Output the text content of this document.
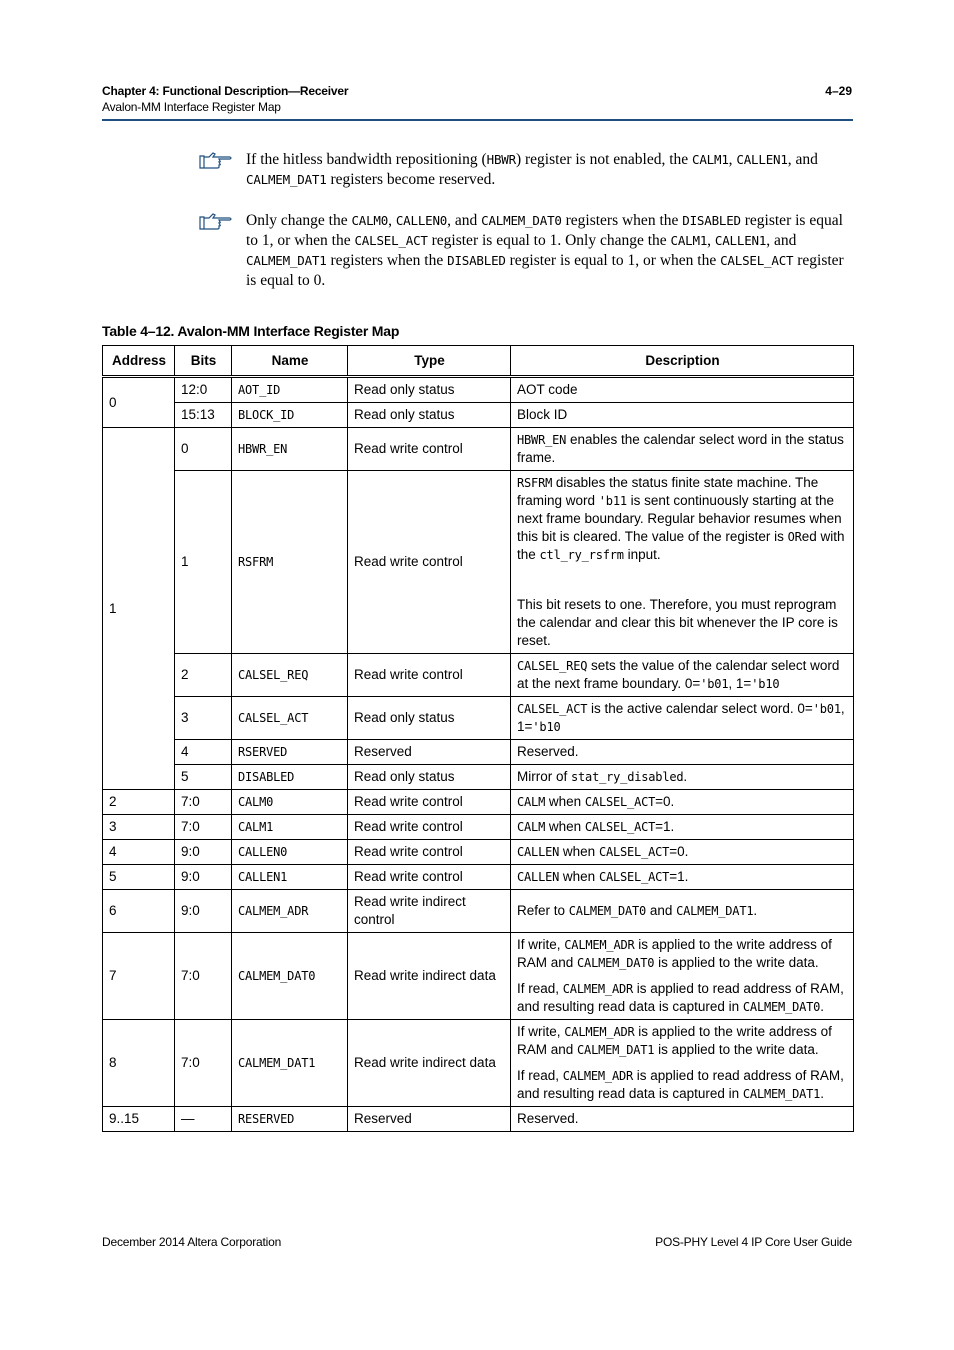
Chapter 4: Functional Description—Receiver
Avalon-MM Interface Register Map
4–29
If the hitless bandwidth repositioning (HBWR) register is not enabled, the CALM1, CALLEN1, and CALMEM_DAT1 registers become reserved.
Only change the CALM0, CALLEN0, and CALMEM_DAT0 registers when the DISABLED register is equal to 1, or when the CALSEL_ACT register is equal to 1. Only change the CALM1, CALLEN1, and CALMEM_DAT1 registers when the DISABLED register is equal to 1, or when the CALSEL_ACT register is equal to 0.
Table 4–12. Avalon-MM Interface Register Map
Address	Bits	Name	Type	Description
0	12:0	AOT_ID	Read only status	AOT code
	15:13	BLOCK_ID	Read only status	Block ID
1	0	HBWR_EN	Read write control	HBWR_EN enables the calendar select word in the status frame.
	1	RSFRM	Read write control	RSFRM disables the status finite state machine. The framing word 'b11 is sent continuously starting at the next frame boundary. Regular behavior resumes when this bit is cleared. The value of the register is ORed with the ctl_ry_rsfrm input.
This bit resets to one. Therefore, you must reprogram the calendar and clear this bit whenever the IP core is reset.

	2	CALSEL_REQ	Read write control	CALSEL_REQ sets the value of the calendar select word at the next frame boundary. 0='b01, 1='b10
	3	CALSEL_ACT	Read only status	CALSEL_ACT is the active calendar select word. 0='b01, 1='b10
	4	RSERVED	Reserved	Reserved.
	5	DISABLED	Read only status	Mirror of stat_ry_disabled.
2	7:0	CALM0	Read write control	CALM when CALSEL_ACT=0.
3	7:0	CALM1	Read write control	CALM when CALSEL_ACT=1.
4	9:0	CALLEN0	Read write control	CALLEN when CALSEL_ACT=0.
5	9:0	CALLEN1	Read write control	CALLEN when CALSEL_ACT=1.
6	9:0	CALMEM_ADR	Read write indirect control	Refer to CALMEM_DAT0 and CALMEM_DAT1.
7	7:0	CALMEM_DAT0	Read write indirect data	If write, CALMEM_ADR is applied to the write address of RAM and CALMEM_DAT0 is applied to the write data.
If read, CALMEM_ADR is applied to read address of RAM, and resulting read data is captured in CALMEM_DAT0.

8	7:0	CALMEM_DAT1	Read write indirect data	If write, CALMEM_ADR is applied to the write address of RAM and CALMEM_DAT1 is applied to the write data.
If read, CALMEM_ADR is applied to read address of RAM, and resulting read data is captured in CALMEM_DAT1.

9..15	—	RESERVED	Reserved	Reserved.
December 2014 Altera Corporation	POS-PHY Level 4 IP Core User Guide
